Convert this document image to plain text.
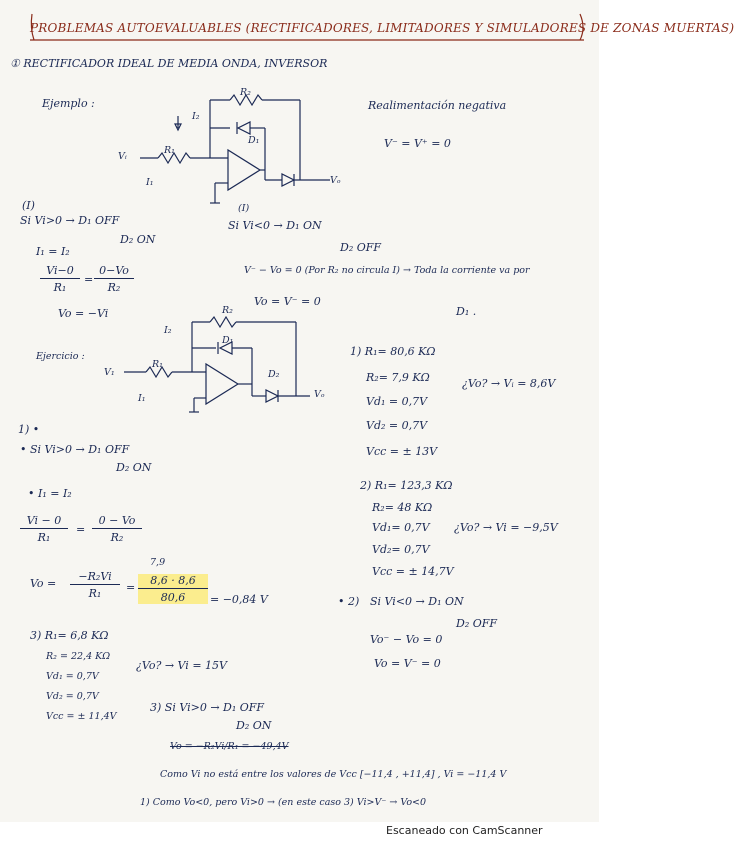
PROBLEMAS AUTOEVALUABLES (RECTIFICADORES, LIMITADORES Y SIMULADORES DE ZONAS MUERTAS)
① RECTIFICADOR IDEAL DE MEDIA ONDA, INVERSOR
Ejemplo :	Realimentación negativa
V⁻ = V⁺ = 0
R₂
R₁
D₁
I₂
I₁
Vᵢ
Vₒ
(I)
(I)
Si Vi>0 → D₁ OFF
D₂ ON
I₁ = I₂
$\frac{Vi-0}{\text{R₁}} = \frac{0-Vo}{\text{R₂}}$
Vo = −Vi
Si Vi<0 → D₁ ON
D₂ OFF
V⁻ − Vo = 0 (Por R₂ no circula I) → Toda la corriente va por
D₁ .
Vo = V⁻ = 0
Ejercicio :
R₂
R₁
D₁
D₂
I₂
I₁
V₁
Vₒ
1) R₁= 80,6 KΩ
R₂= 7,9 KΩ
Vd₁ = 0,7V
Vd₂ = 0,7V
Vcc = ± 13V
¿Vo? → Vᵢ = 8,6V
2) R₁= 123,3 KΩ
R₂= 48 KΩ
Vd₁= 0,7V
Vd₂= 0,7V
Vcc = ± 14,7V
¿Vo? → Vi = −9,5V
1) •
• Si Vi>0 → D₁ OFF
D₂ ON
• I₁ = I₂
$\frac{Vi - 0}{\text{R₁}} = \frac{0 - Vo}{\text{R₂}}$
$Vo = \frac{\text{−R₂Vi}}{\text{R₁}}$ =
7,9
$\frac{8,6 \cdot 8,6}{80,6} = -0,84$ V	• 2) Si Vi<0 → D₁ ON
D₂ OFF
Vo⁻ − Vo = 0
Vo = V⁻ = 0
3) R₁= 6,8 KΩ
R₂ = 22,4 KΩ
Vd₁ = 0,7V
Vd₂ = 0,7V
Vcc = ± 11,4V
¿Vo? → Vi = 15V
3) Si Vi>0 → D₁ OFF
D₂ ON
Vo = −R₂Vi/R₁ = −49,4V
Como Vi no está entre los valores de Vcc [−11,4 , +11,4] , Vi = −11,4 V
1) Como Vo<0, pero Vi>0 → (en este caso 3) Vi>V⁻ → Vo<0
Escaneado con CamScanner
